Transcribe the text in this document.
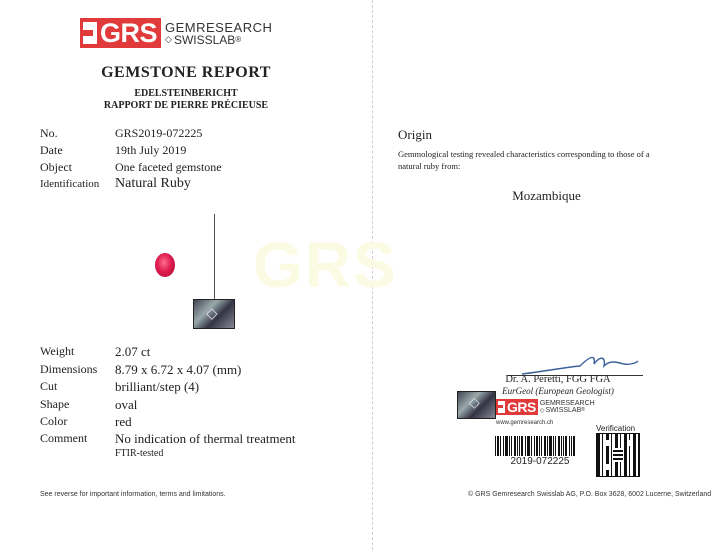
GRS GEMRESEARCH
◇ SWISSLAB ®
GEMSTONE REPORT
EDELSTEINBERICHT
RAPPORT DE PIERRE PRÉCIEUSE
No.	GRS2019-072225
Date	19th July 2019
Object	One faceted gemstone
Identification	Natural Ruby
◇
Weight	2.07 ct
Dimensions	8.79 x 6.72 x 4.07 (mm)
Cut	brilliant/step (4)
Shape	oval
Color	red
Comment	No indication of thermal treatment
FTIR-tested
See reverse for important information, terms and limitations.
GRS
Origin
Gemmological testing revealed characteristics corresponding to those of a natural ruby from:
Mozambique
Dr. A. Peretti, FGG FGA
EurGeol (European Geologist)
◇ GRS GEMRESEARCH
◇ SWISSLAB ®
www.gemresearch.ch
2019-072225
Verification
© GRS Gemresearch Swisslab AG, P.O. Box 3628, 6002 Lucerne, Switzerland
